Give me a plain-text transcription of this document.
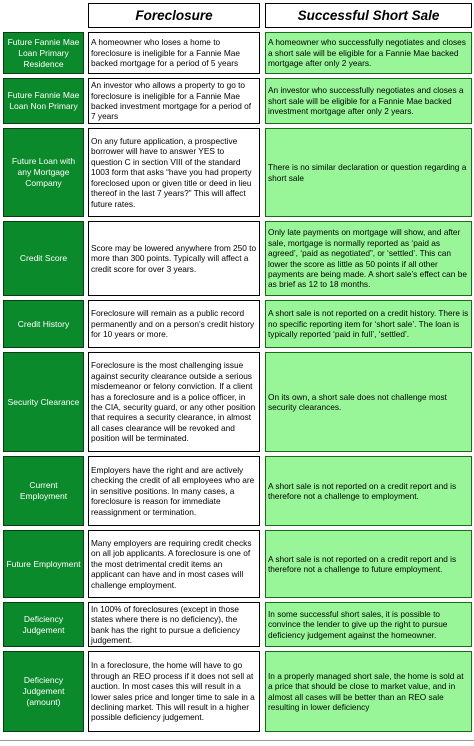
Foreclosure	Successful Short Sale
Future Fannie Mae Loan Primary Residence
A homeowner who loses a home to foreclosure is ineligible for a Fannie Mae backed mortgage for a period of 5 years
A homeowner who successfully negotiates and closes a short sale will be eligible for a Fannie Mae backed mortgage after only 2 years.
Future Fannie Mae Loan Non Primary
An investor who allows a property to go to foreclosure is ineligible for a Fannie Mae backed investment mortgage for a period of 7 years
An investor who successfully negotiates and closes a short sale will be eligible for a Fannie Mae backed investment mortgage after only 2 years.
Future Loan with any Mortgage Company
On any future application, a prospective borrower will have to answer YES to question C in section VIII of the standard 1003 form that asks “have you had property foreclosed upon or given title or deed in lieu thereof in the last 7 years?” This will affect future rates.
There is no similar declaration or question regarding a short sale
Credit Score
Score may be lowered anywhere from 250 to more than 300 points. Typically will affect a credit score for over 3 years.
Only late payments on mortgage will show, and after sale, mortgage is normally reported as ‘paid as agreed’, ‘paid as negotiated”, or ‘settled’. This can lower the score as little as 50 points if all other payments are being made. A short sale’s effect can be as brief as 12 to 18 months.
Credit History
Foreclosure will remain as a public record permanently and on a person’s credit history for 10 years or more.
A short sale is not reported on a credit history. There is no specific reporting item for ‘short sale’. The loan is typically reported ‘paid in full’, ‘settled’.
Security Clearance
Foreclosure is the most challenging issue against security clearance outside a serious misdemeanor or felony conviction. If a client has a foreclosure and is a police officer, in the CIA, security guard, or any other position that requires a security clearance, in almost all cases clearance will be revoked and position will be terminated.
On its own, a short sale does not challenge most security clearances.
Current Employment
Employers have the right and are actively checking the credit of all employees who are in sensitive positions. In many cases, a foreclosure is reason for immediate reassignment or termination.
A short sale is not reported on a credit report and is therefore not a challenge to employment.
Future Employment
Many employers are requiring credit checks on all job applicants. A foreclosure is one of the most detrimental credit items an applicant can have and in most cases will challenge employment.
A short sale is not reported on a credit report and is therefore not a challenge to future employment.
Deficiency Judgement
In 100% of foreclosures (except in those states where there is no deficiency), the bank has the right to pursue a deficiency judgement.
In some successful short sales, it is possible to convince the lender to give up the right to pursue deficiency judgement against the homeowner.
Deficiency Judgement (amount)
In a foreclosure, the home will have to go through an REO process if it does not sell at auction. In most cases this will result in a lower sales price and longer time to sale in a declining market. This will result in a higher possible deficiency judgement.
In a properly managed short sale, the home is sold at a price that should be close to market value, and in almost all cases will be better than an REO sale resulting in lower deficiency
